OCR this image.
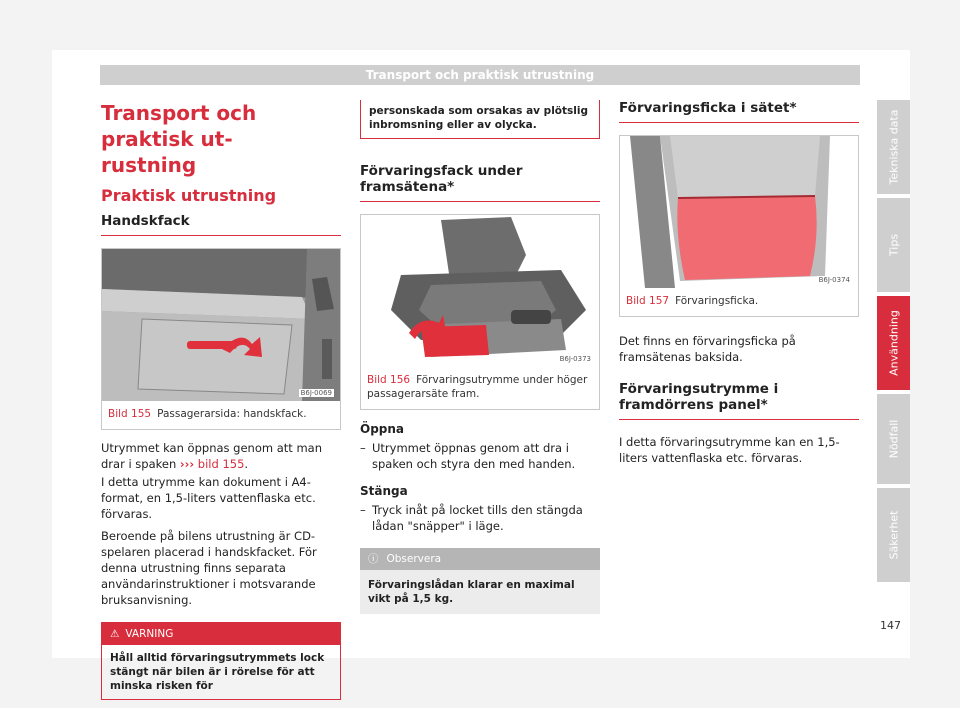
Transport och praktisk utrustning
Transport och praktisk ut-
rustning
Praktisk utrustning
Handskfack
B6J-0069
Bild 155 Passagerarsida: handskfack.

Utrymmet kan öppnas genom att man drar i spaken ››› bild 155.

I detta utrymme kan dokument i A4-format, en 1,5-liters vattenflaska etc. förvaras.

Beroende på bilens utrustning är CD-spelaren placerad i handskfacket. För denna utrustning finns separata användarinstruktioner i motsvarande bruksanvisning.

⚠ VARNING
Håll alltid förvaringsutrymmets lock stängt när bilen är i rörelse för att minska risken för
personskada som orsakas av plötslig inbromsning eller av olycka.
Förvaringsfack under framsätena*
B6J-0373
Bild 156 Förvaringsutrymme under höger passagerarsäte fram.
Öppna
– Utrymmet öppnas genom att dra i spaken och styra den med handen.
Stänga
– Tryck inåt på locket tills den stängda lådan "snäpper" i läge.
ⓘ Observera
Förvaringslådan klarar en maximal vikt på 1,5 kg.
Förvaringsficka i sätet*
B6J-0374
Bild 157 Förvaringsficka.

Det finns en förvaringsficka på framsätenas baksida.

Förvaringsutrymme i framdörrens panel*

I detta förvaringsutrymme kan en 1,5-liters vattenflaska etc. förvaras.

Tekniska data
Tips
Användning
Nödfall
Säkerhet
147
